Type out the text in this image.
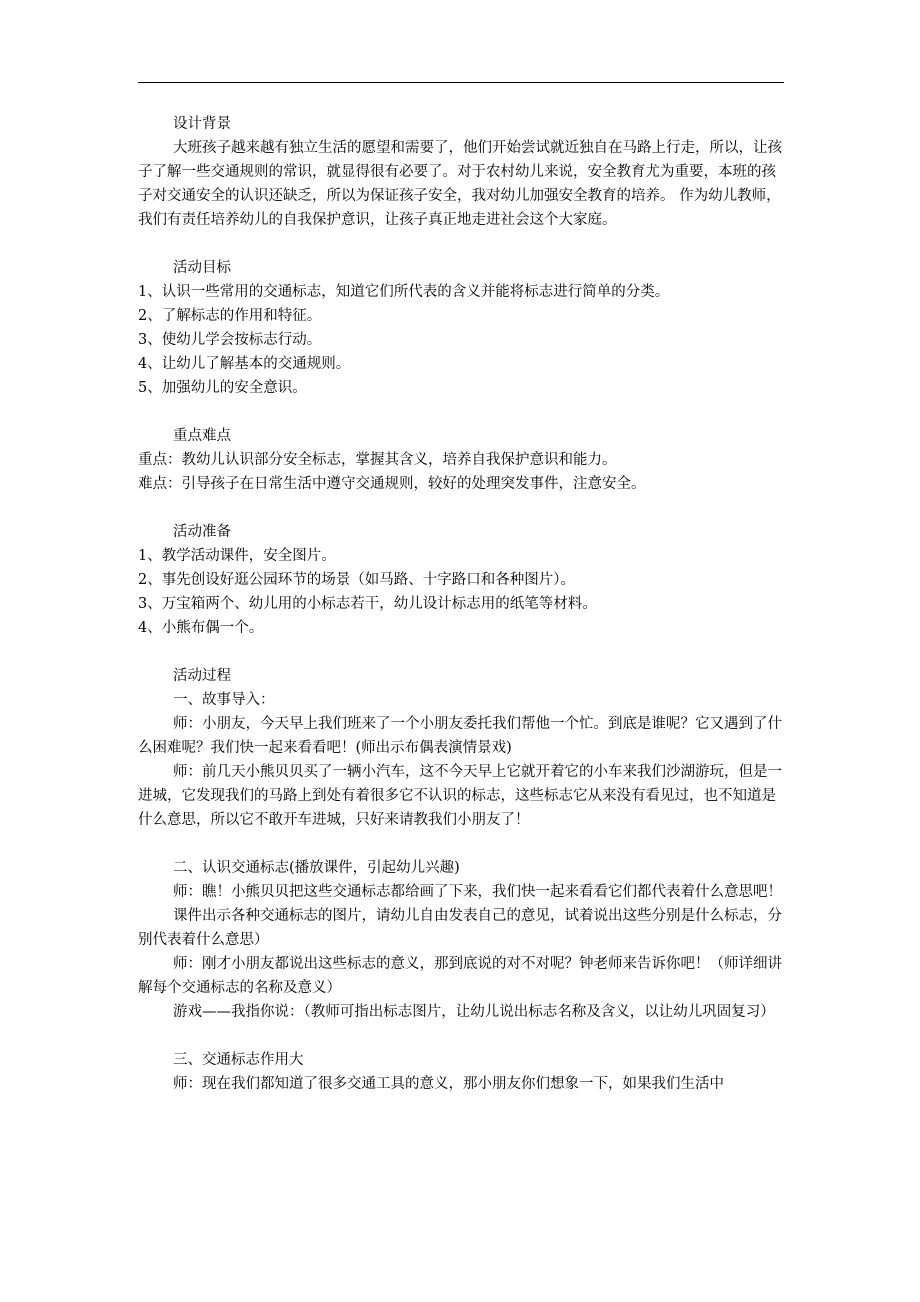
设计背景

大班孩子越来越有独立生活的愿望和需要了，他们开始尝试就近独自在马路上行走，所以，让孩子了解一些交通规则的常识，就显得很有必要了。对于农村幼儿来说，安全教育尤为重要，本班的孩子对交通安全的认识还缺乏，所以为保证孩子安全，我对幼儿加强安全教育的培养。 作为幼儿教师，我们有责任培养幼儿的自我保护意识，让孩子真正地走进社会这个大家庭。

活动目标

1、认识一些常用的交通标志，知道它们所代表的含义并能将标志进行简单的分类。

2、了解标志的作用和特征。

3、使幼儿学会按标志行动。

4、让幼儿了解基本的交通规则。

5、加强幼儿的安全意识。

重点难点

重点：教幼儿认识部分安全标志，掌握其含义，培养自我保护意识和能力。

难点：引导孩子在日常生活中遵守交通规则，较好的处理突发事件，注意安全。

活动准备

1、教学活动课件，安全图片。

2、事先创设好逛公园环节的场景（如马路、十字路口和各种图片）。

3、万宝箱两个、幼儿用的小标志若干，幼儿设计标志用的纸笔等材料。

4、小熊布偶一个。

活动过程

一、故事导入：

师：小朋友，今天早上我们班来了一个小朋友委托我们帮他一个忙。到底是谁呢？它又遇到了什么困难呢？我们快一起来看看吧！(师出示布偶表演情景戏)

师：前几天小熊贝贝买了一辆小汽车，这不今天早上它就开着它的小车来我们沙湖游玩，但是一进城，它发现我们的马路上到处有着很多它不认识的标志，这些标志它从来没有看见过，也不知道是什么意思，所以它不敢开车进城，只好来请教我们小朋友了！

二、认识交通标志(播放课件，引起幼儿兴趣)

师：瞧！小熊贝贝把这些交通标志都给画了下来，我们快一起来看看它们都代表着什么意思吧！

课件出示各种交通标志的图片，请幼儿自由发表自己的意见，试着说出这些分别是什么标志，分别代表着什么意思）

师：刚才小朋友都说出这些标志的意义，那到底说的对不对呢？钟老师来告诉你吧！（师详细讲解每个交通标志的名称及意义）

游戏——我指你说：（教师可指出标志图片，让幼儿说出标志名称及含义，以让幼儿巩固复习）

三、交通标志作用大

师：现在我们都知道了很多交通工具的意义，那小朋友你们想象一下，如果我们生活中
